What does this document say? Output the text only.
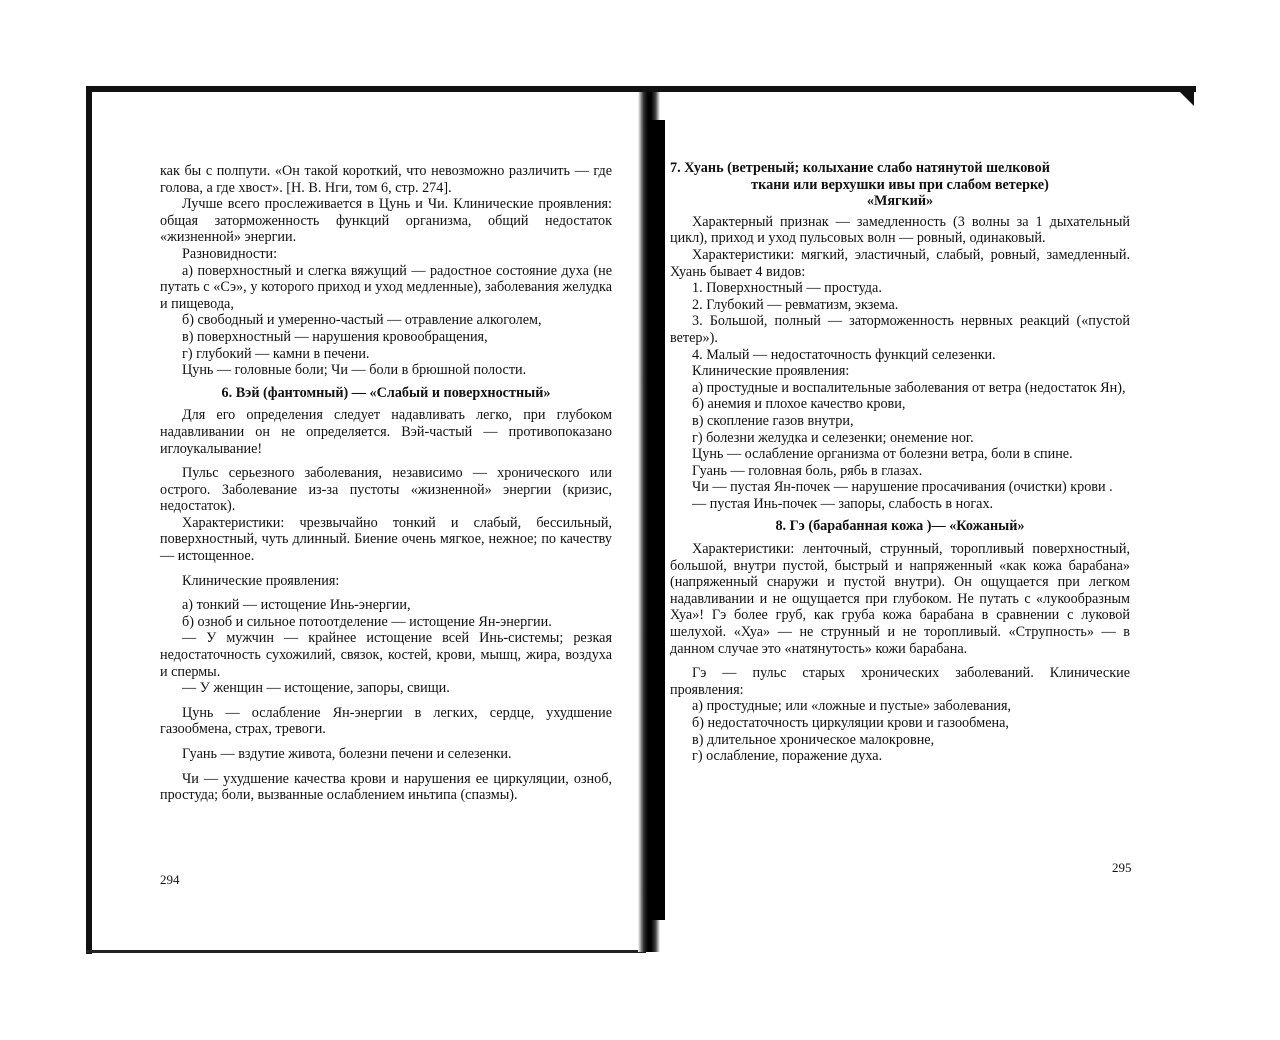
как бы с полпути. «Он такой короткий, что невозможно различить — где голова, а где хвост». [Н. В. Нги, том 6, стр. 274].

Лучше всего прослеживается в Цунь и Чи. Клинические проявления: общая заторможенность функций организма, общий недостаток «жизненной» энергии.

Разновидности:

а) поверхностный и слегка вяжущий — радостное состояние духа (не путать с «Сэ», у которого приход и уход медленные), заболевания желудка и пищевода,

б) свободный и умеренно-частый — отравление алкоголем,

в) поверхностный — нарушения кровообращения,

г) глубокий — камни в печени.

Цунь — головные боли; Чи — боли в брюшной полости.

6. Вэй (фантомный) — «Слабый и поверхностный»

Для его определения следует надавливать легко, при глубоком надавливании он не определяется. Вэй-частый — противопоказано иглоукалывание!

Пульс серьезного заболевания, независимо — хронического или острого. Заболевание из-за пустоты «жизненной» энергии (кризис, недостаток).

Характеристики: чрезвычайно тонкий и слабый, бессильный, поверхностный, чуть длинный. Биение очень мягкое, нежное; по качеству — истощенное.

Клинические проявления:

а) тонкий — истощение Инь-энергии,

б) озноб и сильное потоотделение — истощение Ян-энергии.

— У мужчин — крайнее истощение всей Инь-системы; резкая недостаточность сухожилий, связок, костей, крови, мышц, жира, воздуха и спермы.

— У женщин — истощение, запоры, свищи.

Цунь — ослабление Ян-энергии в легких, сердце, ухудшение газообмена, страх, тревоги.

Гуань — вздутие живота, болезни печени и селезенки.

Чи — ухудшение качества крови и нарушения ее циркуляции, озноб, простуда; боли, вызванные ослаблением иньтипа (спазмы).

294
7. Хуань (ветреный; колыхание слабо натянутой шелковой
ткани или верхушки ивы при слабом ветерке)
«Мягкий»

Характерный признак — замедленность (3 волны за 1 дыхательный цикл), приход и уход пульсовых волн — ровный, одинаковый.

Характеристики: мягкий, эластичный, слабый, ровный, замедленный. Хуань бывает 4 видов:

1. Поверхностный — простуда.

2. Глубокий — ревматизм, экзема.

3. Большой, полный — заторможенность нервных реакций («пустой ветер»).

4. Малый — недостаточность функций селезенки.

Клинические проявления:

а) простудные и воспалительные заболевания от ветра (недостаток Ян),

б) анемия и плохое качество крови,

в) скопление газов внутри,

г) болезни желудка и селезенки; онемение ног.

Цунь — ослабление организма от болезни ветра, боли в спине.

Гуань — головная боль, рябь в глазах.

Чи — пустая Ян-почек — нарушение просачивания (очистки) крови .

— пустая Инь-почек — запоры, слабость в ногах.

8. Гэ (барабанная кожа )— «Кожаный»

Характеристики: ленточный, струнный, торопливый поверхностный, большой, внутри пустой, быстрый и напряженный «как кожа барабана» (напряженный снаружи и пустой внутри). Он ощущается при легком надавливании и не ощущается при глубоком. Не путать с «лукообразным Хуа»! Гэ более груб, как груба кожа барабана в сравнении с луковой шелухой. «Хуа» — не струнный и не торопливый. «Струпность» — в данном случае это «натянутость» кожи барабана.

Гэ — пульс старых хронических заболеваний. Клинические проявления:

а) простудные; или «ложные и пустые» заболевания,

б) недостаточность циркуляции крови и газообмена,

в) длительное хроническое малокровне,

г) ослабление, поражение духа.

295
